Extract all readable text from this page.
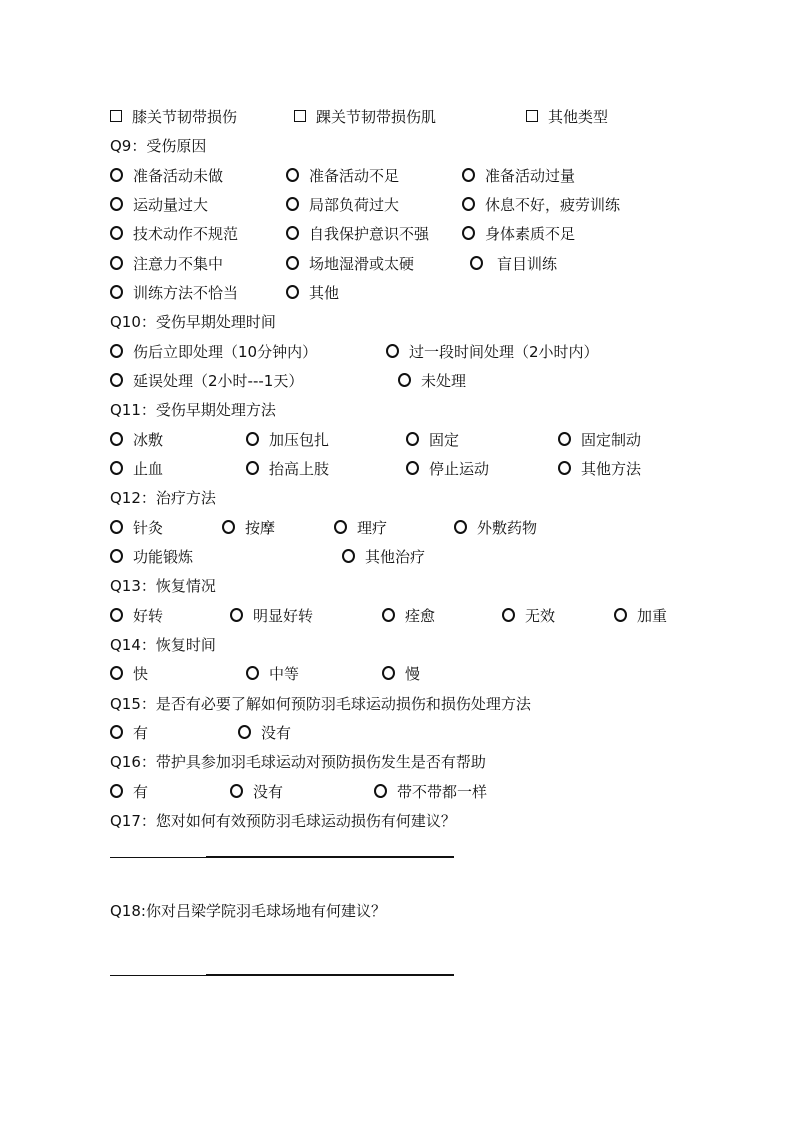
膝关节韧带损伤	踝关节韧带损伤肌	其他类型
Q9：受伤原因
准备活动未做	准备活动不足	准备活动过量
运动量过大	局部负荷过大	休息不好，疲劳训练
技术动作不规范	自我保护意识不强	身体素质不足
注意力不集中	场地湿滑或太硬	盲目训练
训练方法不恰当	其他
Q10：受伤早期处理时间
伤后立即处理（10分钟内）	过一段时间处理（2小时内）
延误处理（2小时---1天）	未处理
Q11：受伤早期处理方法
冰敷	加压包扎	固定	固定制动
止血	抬高上肢	停止运动	其他方法
Q12：治疗方法
针灸	按摩	理疗	外敷药物
功能锻炼	其他治疗
Q13：恢复情况
好转	明显好转	痊愈	无效	加重
Q14：恢复时间
快	中等	慢
Q15：是否有必要了解如何预防羽毛球运动损伤和损伤处理方法
有	没有
Q16：带护具参加羽毛球运动对预防损伤发生是否有帮助
有	没有	带不带都一样
Q17：您对如何有效预防羽毛球运动损伤有何建议？
Q18:你对吕梁学院羽毛球场地有何建议？
